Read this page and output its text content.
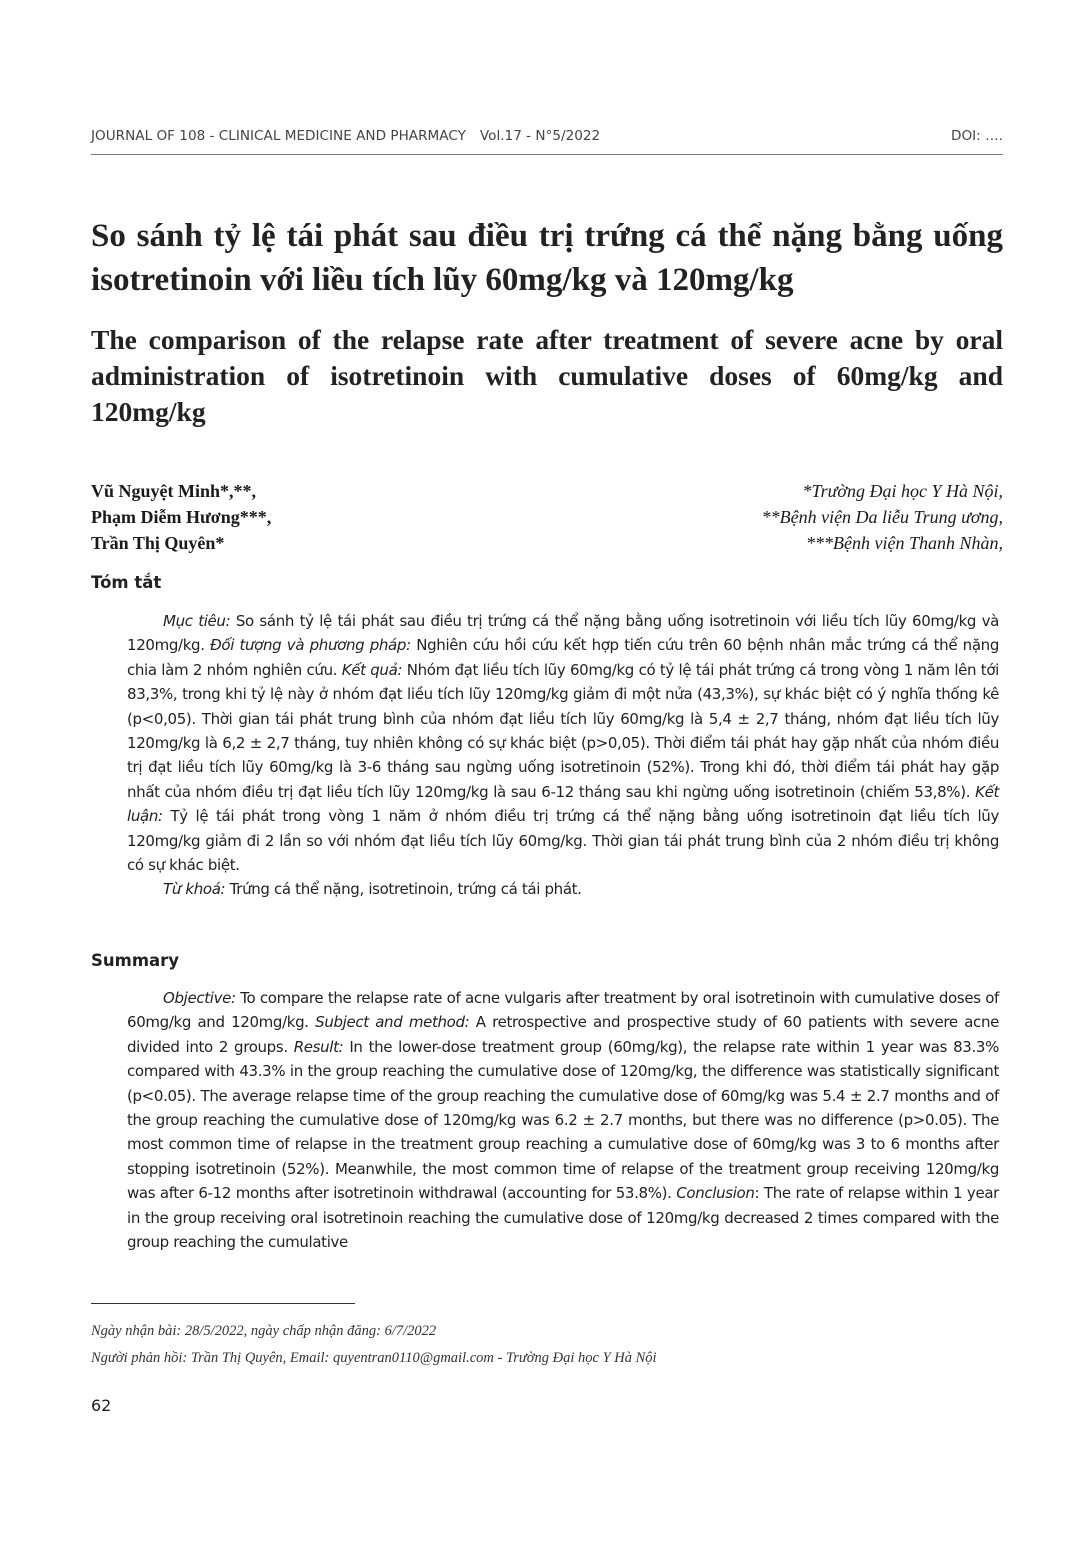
JOURNAL OF 108 - CLINICAL MEDICINE AND PHARMACY Vol.17 - N°5/2022	DOI: ….
So sánh tỷ lệ tái phát sau điều trị trứng cá thể nặng bằng uống isotretinoin với liều tích lũy 60mg/kg và 120mg/kg
The comparison of the relapse rate after treatment of severe acne by oral administration of isotretinoin with cumulative doses of 60mg/kg and 120mg/kg
Vũ Nguyệt Minh*,**,
Phạm Diễm Hương***,
Trần Thị Quyên*
*Trường Đại học Y Hà Nội,
**Bệnh viện Da liễu Trung ương,
***Bệnh viện Thanh Nhàn,
Tóm tắt

Mục tiêu: So sánh tỷ lệ tái phát sau điều trị trứng cá thể nặng bằng uống isotretinoin với liều tích lũy 60mg/kg và 120mg/kg. Đối tượng và phương pháp: Nghiên cứu hồi cứu kết hợp tiến cứu trên 60 bệnh nhân mắc trứng cá thể nặng chia làm 2 nhóm nghiên cứu. Kết quả: Nhóm đạt liều tích lũy 60mg/kg có tỷ lệ tái phát trứng cá trong vòng 1 năm lên tới 83,3%, trong khi tỷ lệ này ở nhóm đạt liều tích lũy 120mg/kg giảm đi một nửa (43,3%), sự khác biệt có ý nghĩa thống kê (p<0,05). Thời gian tái phát trung bình của nhóm đạt liều tích lũy 60mg/kg là 5,4 ± 2,7 tháng, nhóm đạt liều tích lũy 120mg/kg là 6,2 ± 2,7 tháng, tuy nhiên không có sự khác biệt (p>0,05). Thời điểm tái phát hay gặp nhất của nhóm điều trị đạt liều tích lũy 60mg/kg là 3-6 tháng sau ngừng uống isotretinoin (52%). Trong khi đó, thời điểm tái phát hay gặp nhất của nhóm điều trị đạt liều tích lũy 120mg/kg là sau 6-12 tháng sau khi ngừng uống isotretinoin (chiếm 53,8%). Kết luận: Tỷ lệ tái phát trong vòng 1 năm ở nhóm điều trị trứng cá thể nặng bằng uống isotretinoin đạt liều tích lũy 120mg/kg giảm đi 2 lần so với nhóm đạt liều tích lũy 60mg/kg. Thời gian tái phát trung bình của 2 nhóm điều trị không có sự khác biệt.

Từ khoá: Trứng cá thể nặng, isotretinoin, trứng cá tái phát.

Summary

Objective: To compare the relapse rate of acne vulgaris after treatment by oral isotretinoin with cumulative doses of 60mg/kg and 120mg/kg. Subject and method: A retrospective and prospective study of 60 patients with severe acne divided into 2 groups. Result: In the lower-dose treatment group (60mg/kg), the relapse rate within 1 year was 83.3% compared with 43.3% in the group reaching the cumulative dose of 120mg/kg, the difference was statistically significant (p<0.05). The average relapse time of the group reaching the cumulative dose of 60mg/kg was 5.4 ± 2.7 months and of the group reaching the cumulative dose of 120mg/kg was 6.2 ± 2.7 months, but there was no difference (p>0.05). The most common time of relapse in the treatment group reaching a cumulative dose of 60mg/kg was 3 to 6 months after stopping isotretinoin (52%). Meanwhile, the most common time of relapse of the treatment group receiving 120mg/kg was after 6-12 months after isotretinoin withdrawal (accounting for 53.8%). Conclusion: The rate of relapse within 1 year in the group receiving oral isotretinoin reaching the cumulative dose of 120mg/kg decreased 2 times compared with the group reaching the cumulative

Ngày nhận bài: 28/5/2022, ngày chấp nhận đăng: 6/7/2022
Người phản hồi: Trần Thị Quyên, Email: quyentran0110@gmail.com - Trường Đại học Y Hà Nội
62
